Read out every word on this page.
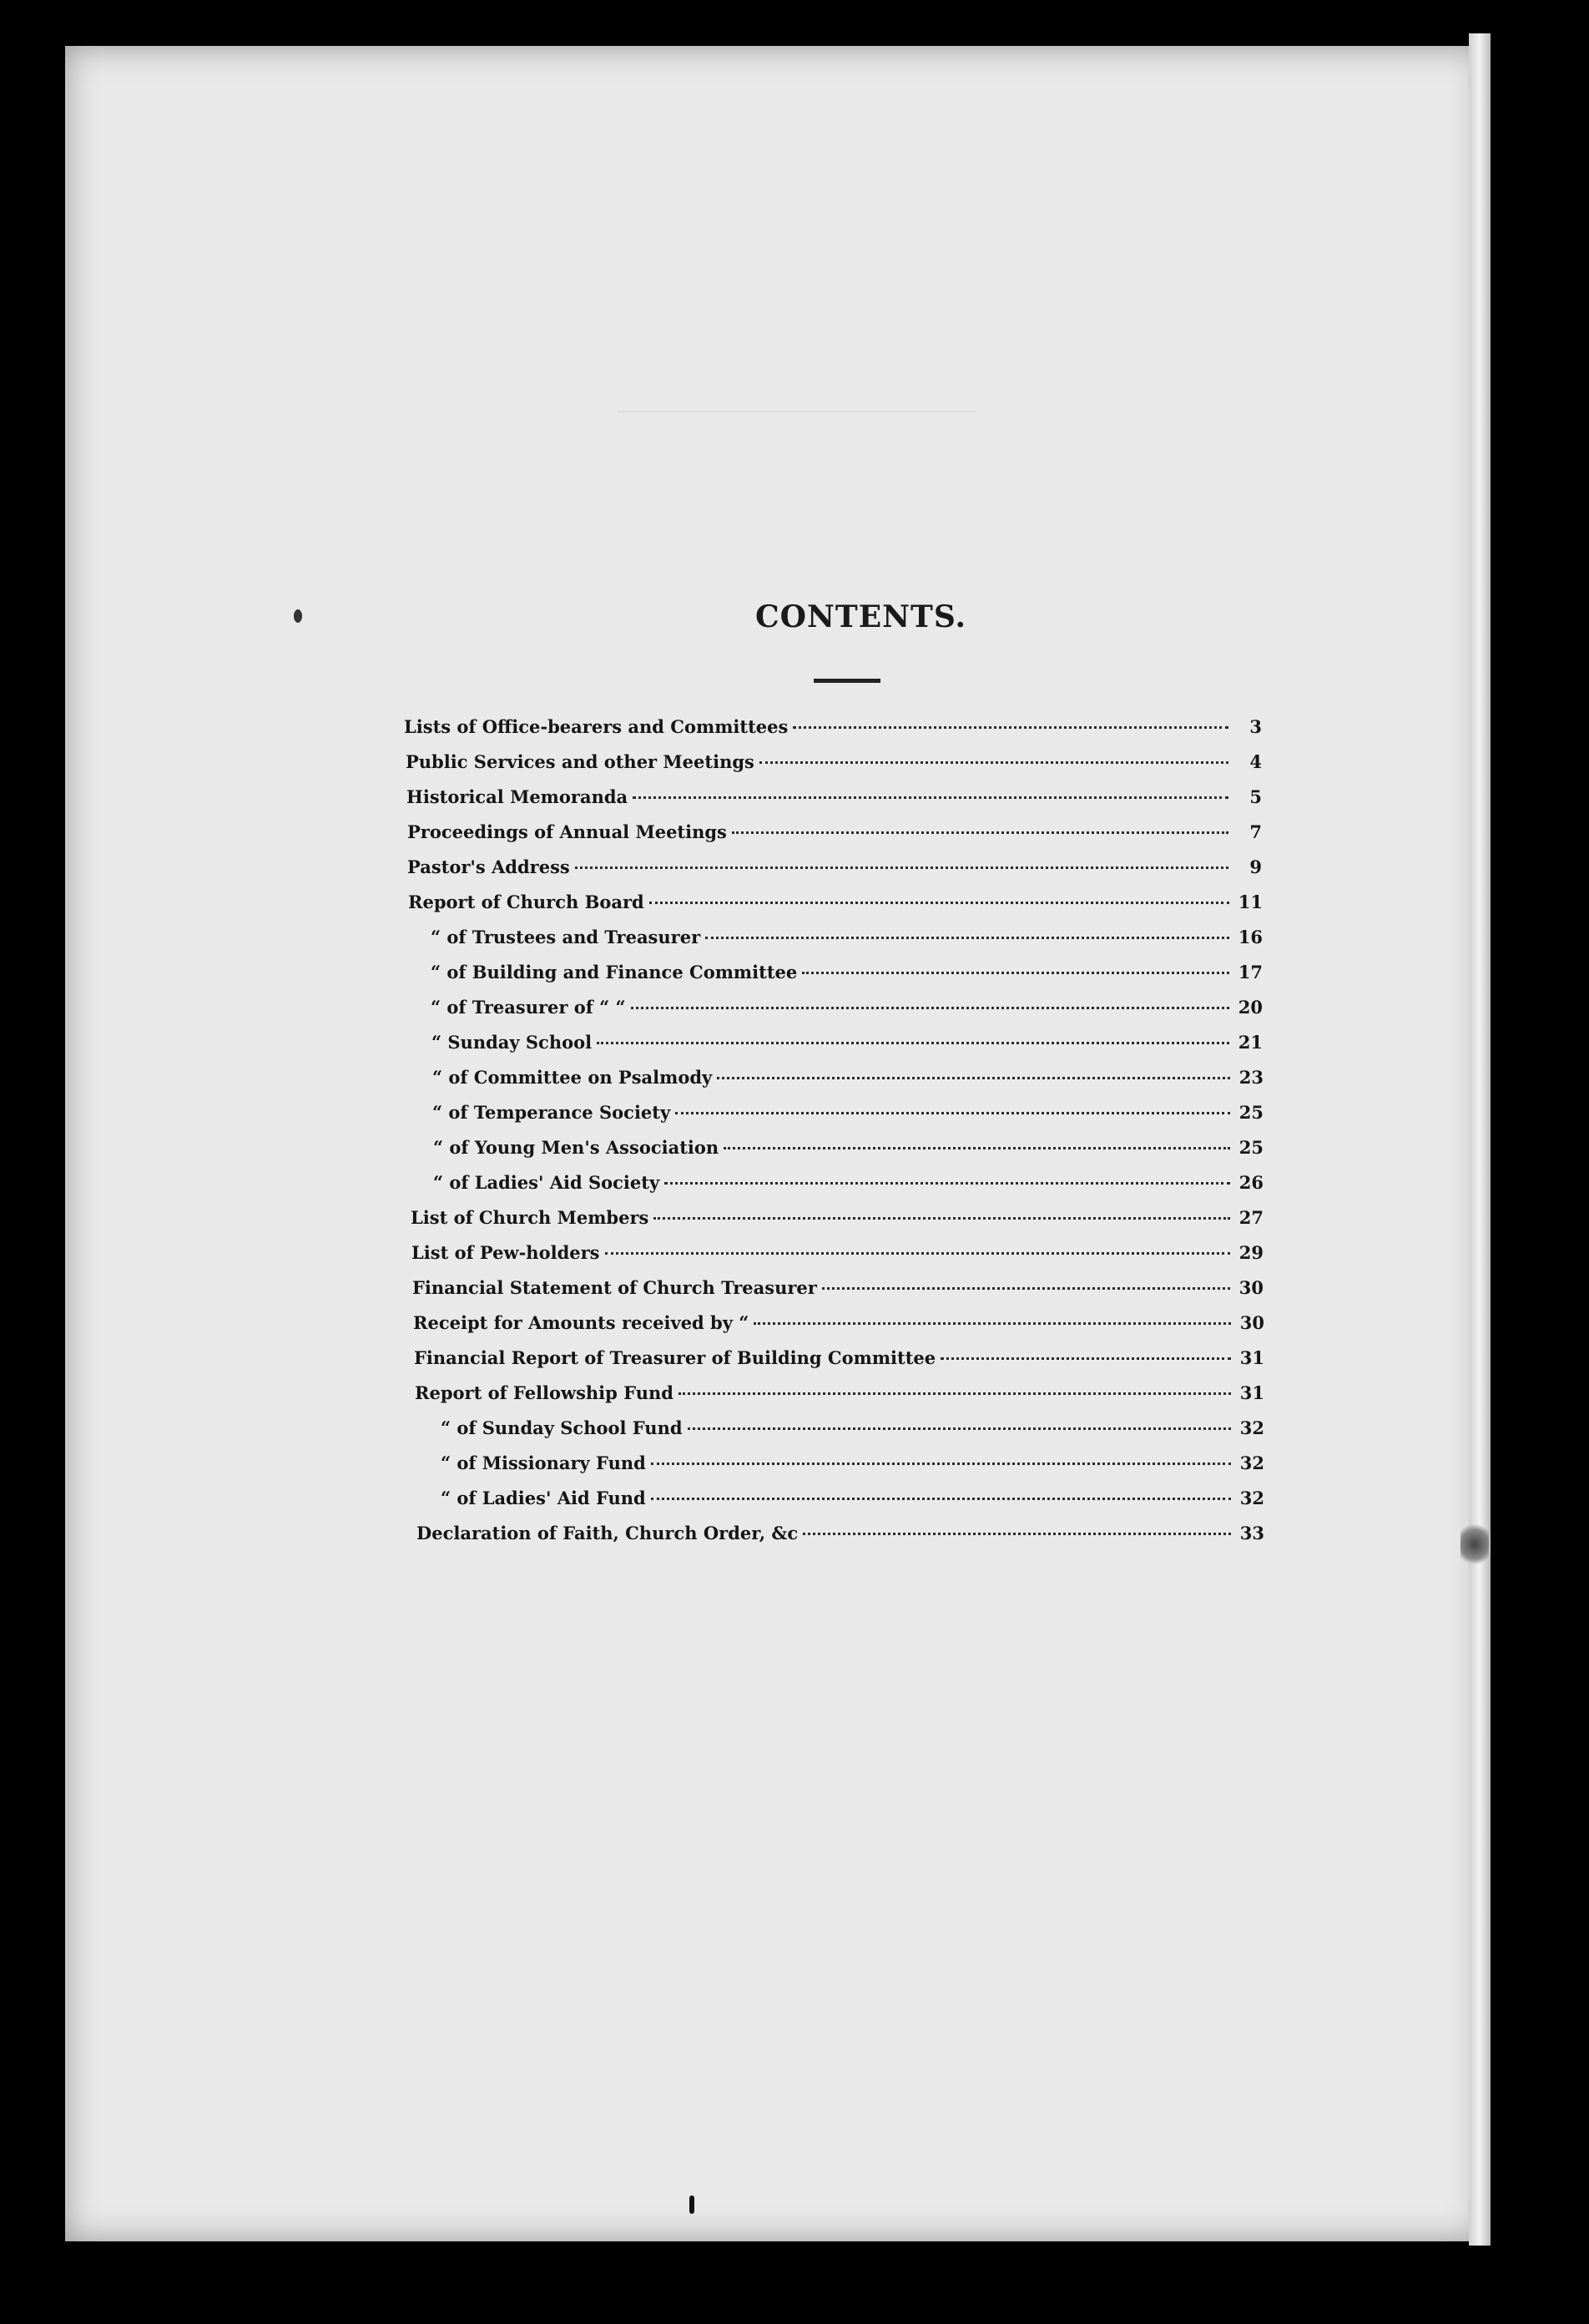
CONTENTS.
Lists of Office-bearers and Committees	3
Public Services and other Meetings	4
Historical Memoranda	5
Proceedings of Annual Meetings	7
Pastor's Address	9
Report of Church Board	11
“ of Trustees and Treasurer	16
“ of Building and Finance Committee	17
“ of Treasurer of “ “	20
“ Sunday School	21
“ of Committee on Psalmody	23
“ of Temperance Society	25
“ of Young Men's Association	25
“ of Ladies' Aid Society	26
List of Church Members	27
List of Pew-holders	29
Financial Statement of Church Treasurer	30
Receipt for Amounts received by “	30
Financial Report of Treasurer of Building Committee	31
Report of Fellowship Fund	31
“ of Sunday School Fund	32
“ of Missionary Fund	32
“ of Ladies' Aid Fund	32
Declaration of Faith, Church Order, &c	33
